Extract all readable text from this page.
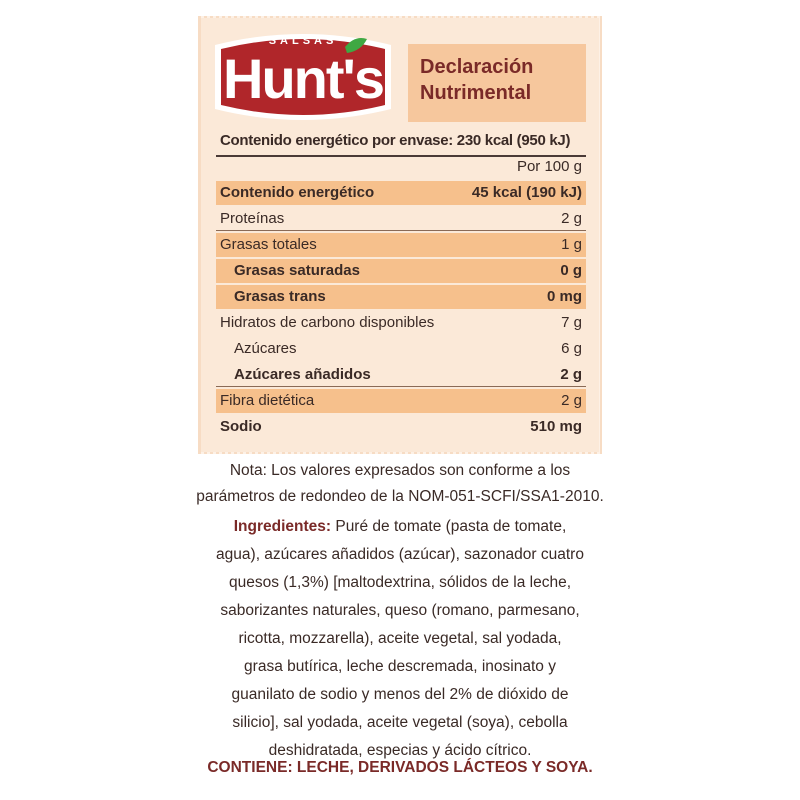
SALSAS
Hunt's	Declaración
Nutrimental
Contenido energético por envase: 230 kcal (950 kJ)
Por 100 g
Contenido energético	45 kcal (190 kJ)
Proteínas	2 g
Grasas totales	1 g
Grasas saturadas	0 g
Grasas trans	0 mg
Hidratos de carbono disponibles	7 g
Azúcares	6 g
Azúcares añadidos	2 g
Fibra dietética	2 g
Sodio	510 mg
Nota: Los valores expresados son conforme a los
parámetros de redondeo de la NOM-051-SCFI/SSA1-2010.
Ingredientes: Puré de tomate (pasta de tomate,
agua), azúcares añadidos (azúcar), sazonador cuatro
quesos (1,3%) [maltodextrina, sólidos de la leche,
saborizantes naturales, queso (romano, parmesano,
ricotta, mozzarella), aceite vegetal, sal yodada,
grasa butírica, leche descremada, inosinato y
guanilato de sodio y menos del 2% de dióxido de
silicio], sal yodada, aceite vegetal (soya), cebolla
deshidratada, especias y ácido cítrico.
CONTIENE: LECHE, DERIVADOS LÁCTEOS Y SOYA.
